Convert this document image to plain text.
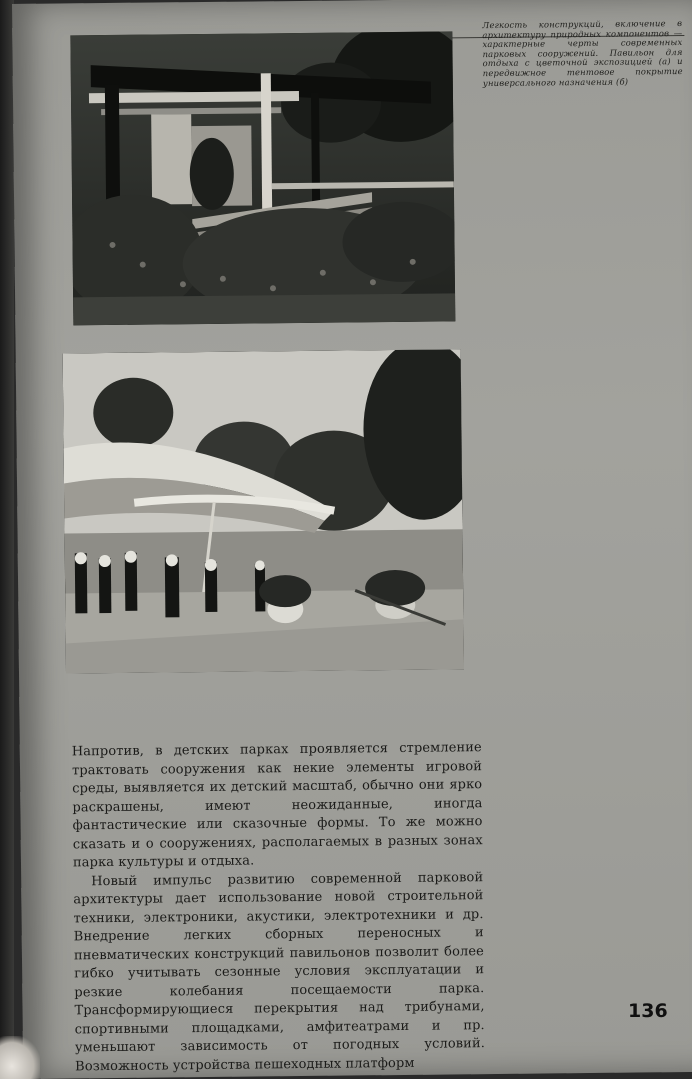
Легкость конструкций, включение в архитектуру природных компонентов — характерные черты современных парковых сооружений. Павильон для отдыха с цветочной экспозицией (а) и передвижное тентовое покрытие универсального назначения (б)

Напротив, в детских парках проявляется стремление трактовать сооружения как некие элементы игровой среды, выявляется их детский масштаб, обычно они ярко раскрашены, имеют неожиданные, иногда фантастические или сказочные формы. То же можно сказать и о сооружениях, располагаемых в разных зонах парка культуры и отдыха.

Новый импульс развитию современной парковой архитектуры дает использование новой строительной техники, электроники, акустики, электротехники и др. Внедрение легких сборных переносных и пневматических конструкций павильонов позволит более гибко учитывать сезонные условия эксплуатации и резкие колебания посещаемости парка. Трансформирующиеся перекрытия над трибунами, спортивными площадками, амфитеатрами и пр. уменьшают зависимость от погодных условий. Возможность устройства пешеходных платформ

136
